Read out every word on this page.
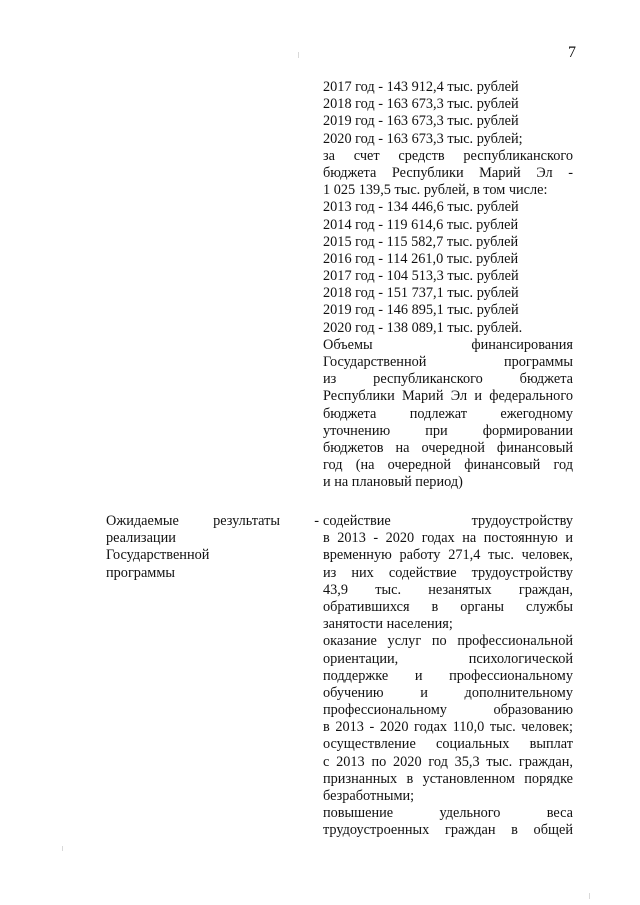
7
2017 год - 143 912,4 тыс. рублей
2018 год - 163 673,3 тыс. рублей
2019 год - 163 673,3 тыс. рублей
2020 год - 163 673,3 тыс. рублей;
за счет средств республиканского
бюджета Республики Марий Эл -
1 025 139,5 тыс. рублей, в том числе:
2013 год - 134 446,6 тыс. рублей
2014 год - 119 614,6 тыс. рублей
2015 год - 115 582,7 тыс. рублей
2016 год - 114 261,0 тыс. рублей
2017 год - 104 513,3 тыс. рублей
2018 год - 151 737,1 тыс. рублей
2019 год - 146 895,1 тыс. рублей
2020 год - 138 089,1 тыс. рублей.
Объемы финансирования
Государственной программы
из республиканского бюджета
Республики Марий Эл и федерального
бюджета подлежат ежегодному
уточнению при формировании
бюджетов на очередной финансовый
год (на очередной финансовый год
и на плановый период)
Ожидаемые результаты -
реализации
Государственной
программы
содействие трудоустройству
в 2013 - 2020 годах на постоянную и
временную работу 271,4 тыс. человек,
из них содействие трудоустройству
43,9 тыс. незанятых граждан,
обратившихся в органы службы
занятости населения;
оказание услуг по профессиональной
ориентации, психологической
поддержке и профессиональному
обучению и дополнительному
профессиональному образованию
в 2013 - 2020 годах 110,0 тыс. человек;
осуществление социальных выплат
с 2013 по 2020 год 35,3 тыс. граждан,
признанных в установленном порядке
безработными;
повышение удельного веса
трудоустроенных граждан в общей
